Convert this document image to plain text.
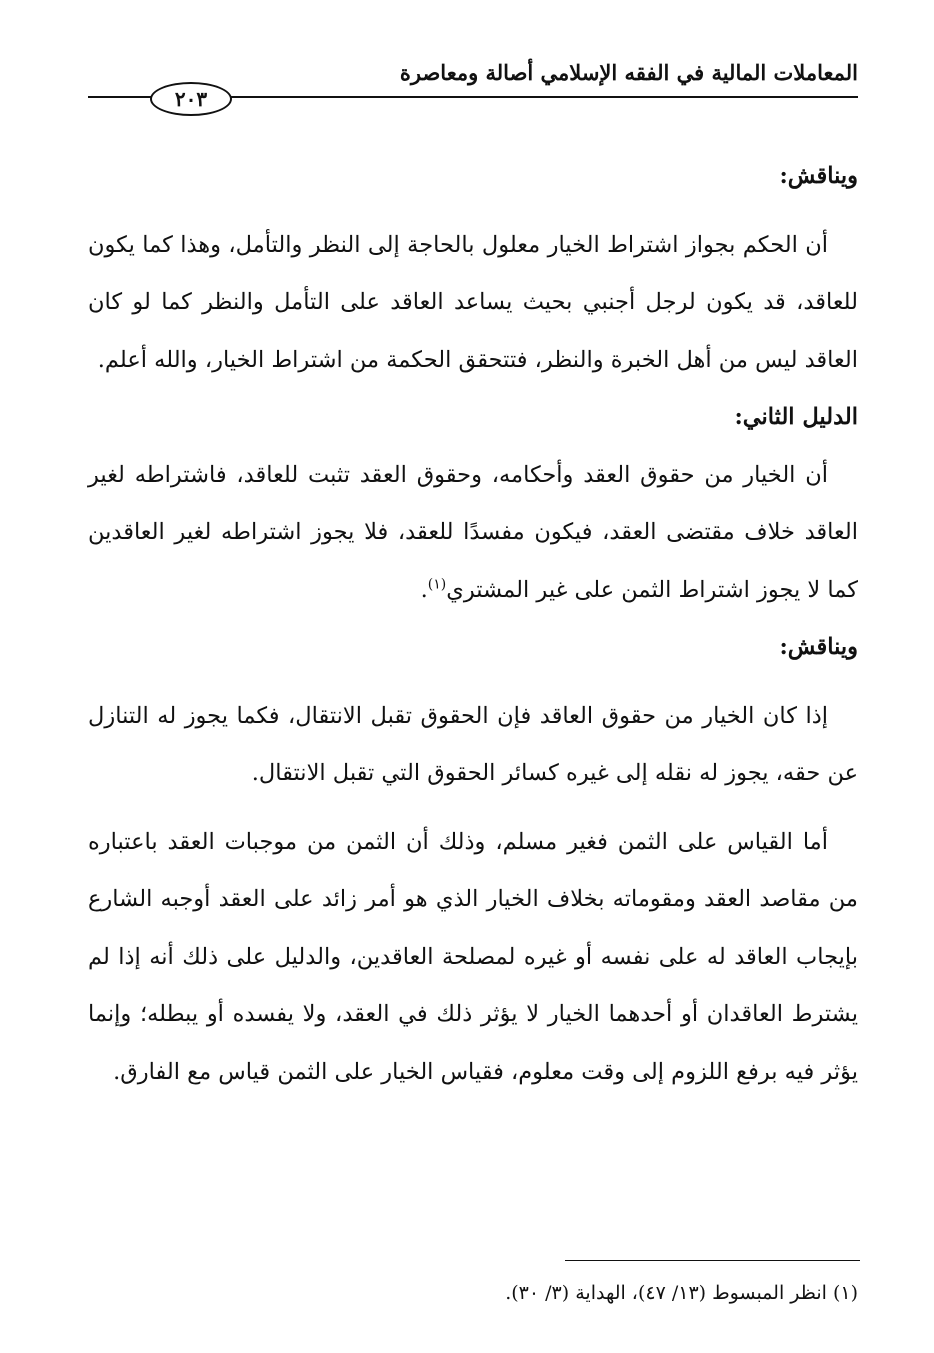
المعاملات المالية في الفقه الإسلامي أصالة ومعاصرة
٢٠٣
ويناقش:

أن الحكم بجواز اشتراط الخيار معلول بالحاجة إلى النظر والتأمل، وهذا كما يكون للعاقد، قد يكون لرجل أجنبي بحيث يساعد العاقد على التأمل والنظر كما لو كان العاقد ليس من أهل الخبرة والنظر، فتتحقق الحكمة من اشتراط الخيار، والله أعلم.

الدليل الثاني:

أن الخيار من حقوق العقد وأحكامه، وحقوق العقد تثبت للعاقد، فاشتراطه لغير العاقد خلاف مقتضى العقد، فيكون مفسدًا للعقد، فلا يجوز اشتراطه لغير العاقدين كما لا يجوز اشتراط الثمن على غير المشتري$^{(١)}$.

ويناقش:

إذا كان الخيار من حقوق العاقد فإن الحقوق تقبل الانتقال، فكما يجوز له التنازل عن حقه، يجوز له نقله إلى غيره كسائر الحقوق التي تقبل الانتقال.

أما القياس على الثمن فغير مسلم، وذلك أن الثمن من موجبات العقد باعتباره من مقاصد العقد ومقوماته بخلاف الخيار الذي هو أمر زائد على العقد أوجبه الشارع بإيجاب العاقد له على نفسه أو غيره لمصلحة العاقدين، والدليل على ذلك أنه إذا لم يشترط العاقدان أو أحدهما الخيار لا يؤثر ذلك في العقد، ولا يفسده أو يبطله؛ وإنما يؤثر فيه برفع اللزوم إلى وقت معلوم، فقياس الخيار على الثمن قياس مع الفارق.

(١) انظر المبسوط (١٣/ ٤٧)، الهداية (٣/ ٣٠).
